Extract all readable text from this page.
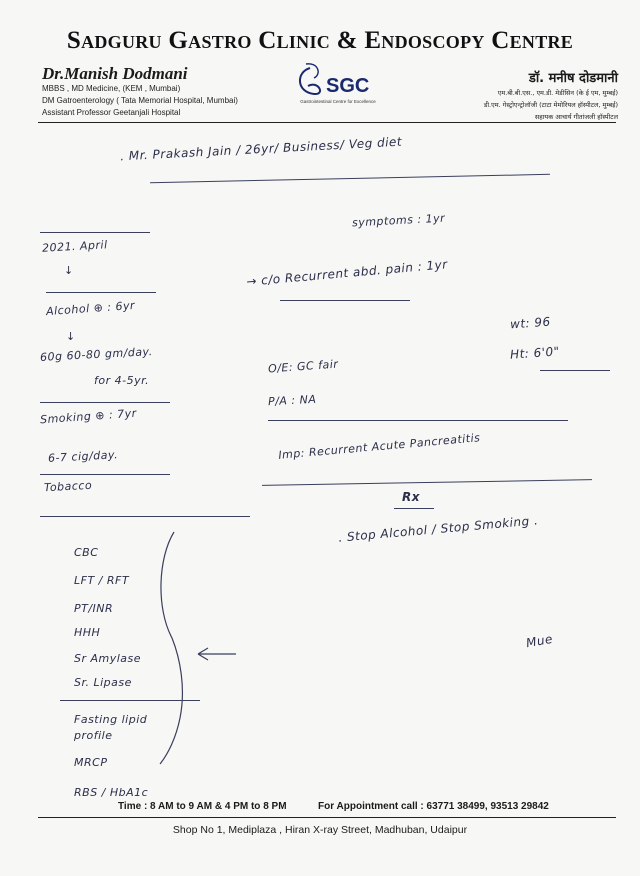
Sadguru Gastro Clinic & Endoscopy Centre
Dr.Manish Dodmani
MBBS , MD Medicine, (KEM , Mumbai)
DM Gatroenterology ( Tata Memorial Hospital, Mumbai)
Assistant Professor Geetanjali Hospital
SGC
Gastrointestinal Centre for Excellence
डॉ. मनीष दोडमानी
एम.बी.बी.एस., एम.डी. मेडीसिन (के ई एम, मुम्बई)
डी.एम. गेस्ट्रोएन्ट्रोलॉजी (टाटा मेमोरियल हॉस्पीटल, मुम्बई)
सहायक आचार्य गीतांजली हॉस्पीटल
. Mr. Prakash Jain / 26yr/ Business/ Veg diet
2021. April
↓
Alcohol ⊕ : 6yr
↓
60g 60-80 gm/day.
for 4-5yr.
Smoking ⊕ : 7yr
6-7 cig/day.
Tobacco
symptoms : 1yr
→ c/o Recurrent abd. pain : 1yr
wt: 96
Ht: 6'0"
O/E: GC fair
P/A : NA
Imp: Recurrent Acute Pancreatitis
Rx
. Stop Alcohol / Stop Smoking .
CBC
LFT / RFT
PT/INR
HHH
Sr Amylase
Sr. Lipase
Fasting lipid profile
MRCP
RBS / HbA1c
Mue
Time : 8 AM to 9 AM & 4 PM to 8 PM	For Appointment call : 63771 38499, 93513 29842
Shop No 1, Mediplaza , Hiran X-ray Street, Madhuban, Udaipur
